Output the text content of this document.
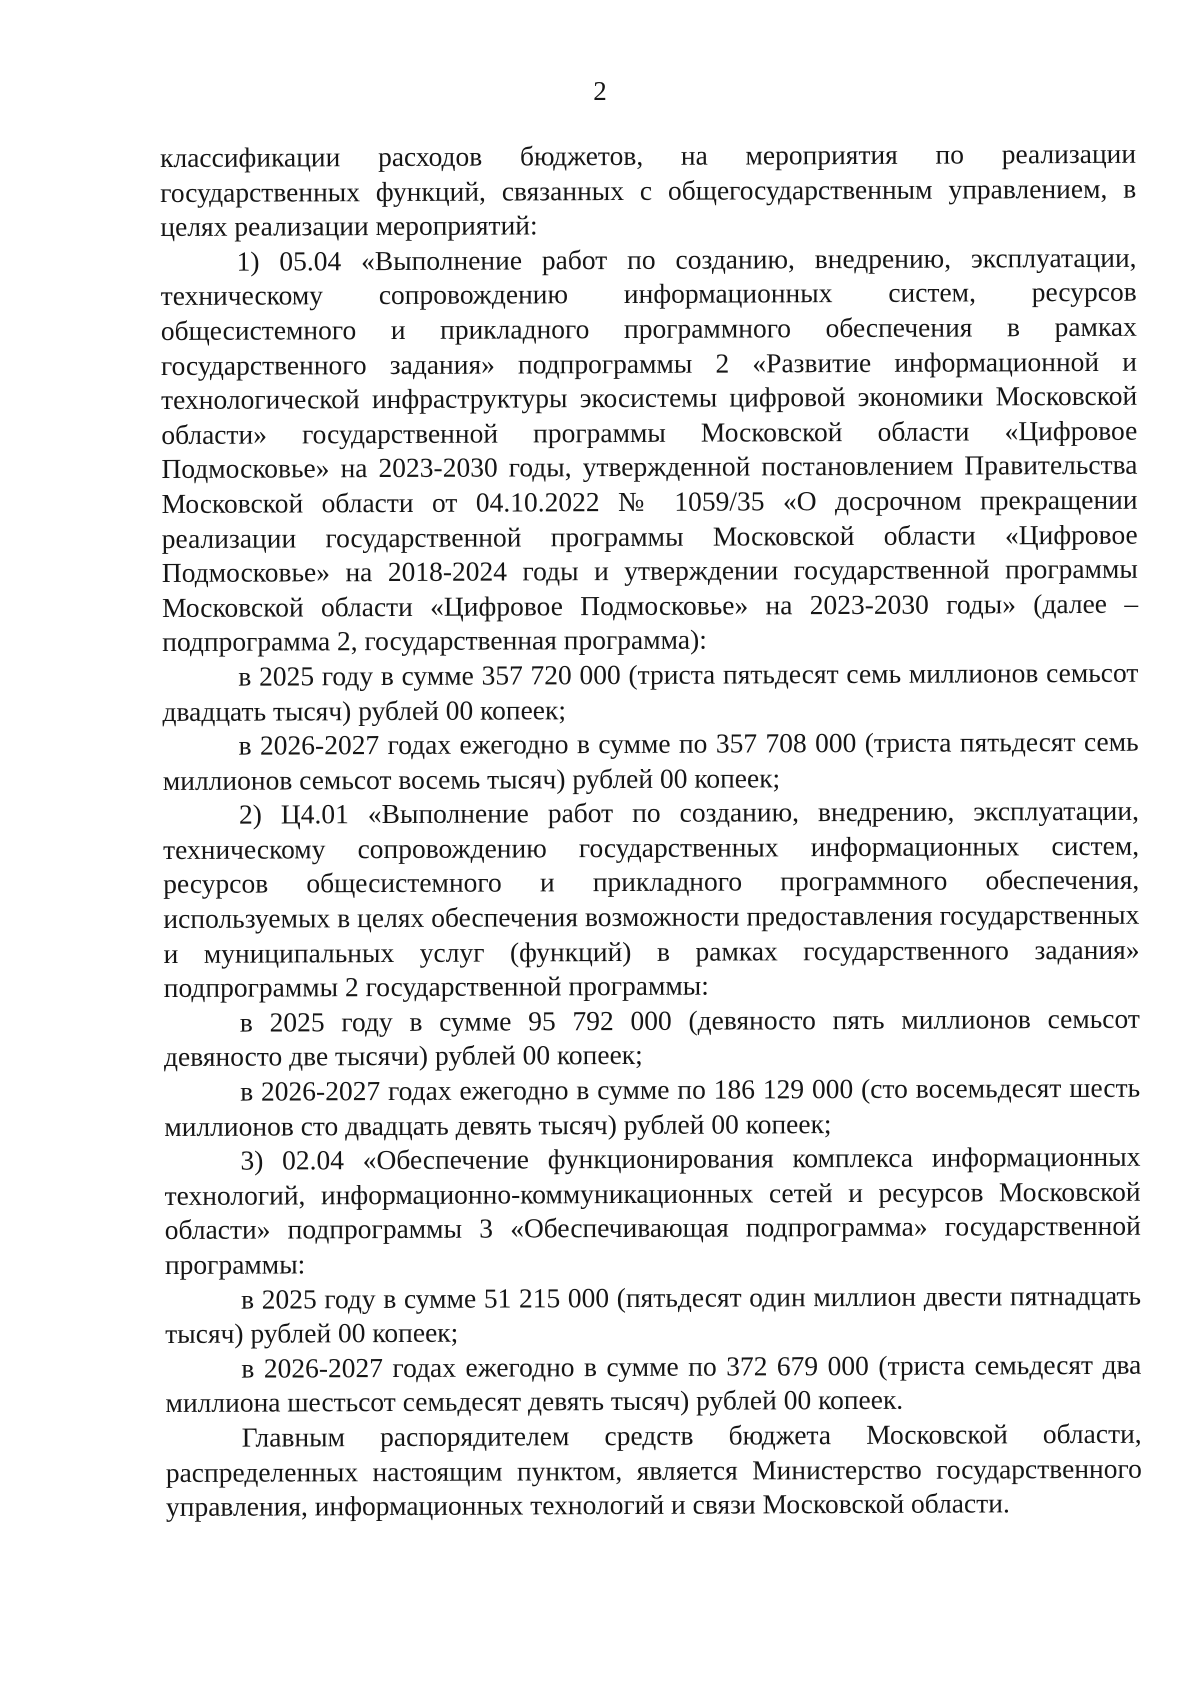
2

классификации расходов бюджетов, на мероприятия по реализации государственных функций, связанных с общегосударственным управлением, в целях реализации мероприятий:

1) 05.04 «Выполнение работ по созданию, внедрению, эксплуатации, техническому сопровождению информационных систем, ресурсов общесистемного и прикладного программного обеспечения в рамках государственного задания» подпрограммы 2 «Развитие информационной и технологической инфраструктуры экосистемы цифровой экономики Московской области» государственной программы Московской области «Цифровое Подмосковье» на 2023-2030 годы, утвержденной постановлением Правительства Московской области от 04.10.2022 № 1059/35 «О досрочном прекращении реализации государственной программы Московской области «Цифровое Подмосковье» на 2018-2024 годы и утверждении государственной программы Московской области «Цифровое Подмосковье» на 2023-2030 годы» (далее – подпрограмма 2, государственная программа):

в 2025 году в сумме 357 720 000 (триста пятьдесят семь миллионов семьсот двадцать тысяч) рублей 00 копеек;

в 2026-2027 годах ежегодно в сумме по 357 708 000 (триста пятьдесят семь миллионов семьсот восемь тысяч) рублей 00 копеек;

2) Ц4.01 «Выполнение работ по созданию, внедрению, эксплуатации, техническому сопровождению государственных информационных систем, ресурсов общесистемного и прикладного программного обеспечения, используемых в целях обеспечения возможности предоставления государственных и муниципальных услуг (функций) в рамках государственного задания» подпрограммы 2 государственной программы:

в 2025 году в сумме 95 792 000 (девяносто пять миллионов семьсот девяносто две тысячи) рублей 00 копеек;

в 2026-2027 годах ежегодно в сумме по 186 129 000 (сто восемьдесят шесть миллионов сто двадцать девять тысяч) рублей 00 копеек;

3) 02.04 «Обеспечение функционирования комплекса информационных технологий, информационно-коммуникационных сетей и ресурсов Московской области» подпрограммы 3 «Обеспечивающая подпрограмма» государственной программы:

в 2025 году в сумме 51 215 000 (пятьдесят один миллион двести пятнадцать тысяч) рублей 00 копеек;

в 2026-2027 годах ежегодно в сумме по 372 679 000 (триста семьдесят два миллиона шестьсот семьдесят девять тысяч) рублей 00 копеек.

Главным распорядителем средств бюджета Московской области, распределенных настоящим пунктом, является Министерство государственного управления, информационных технологий и связи Московской области.
